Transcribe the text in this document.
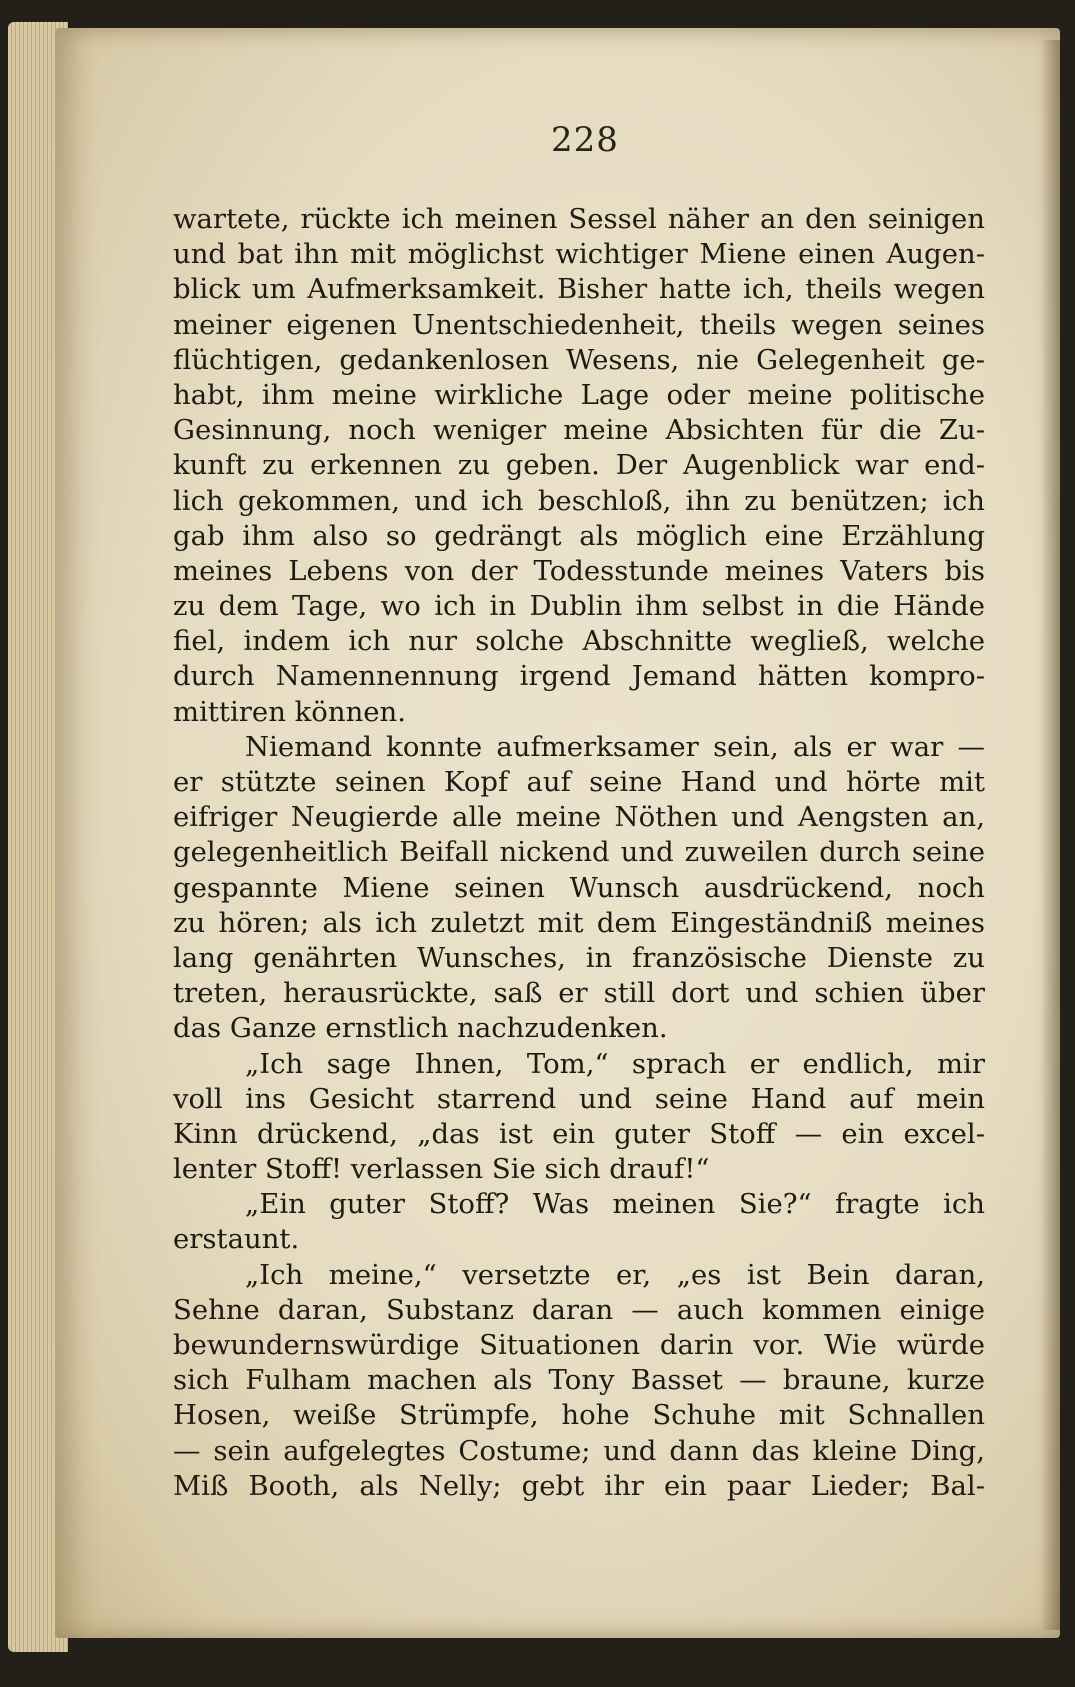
228

wartete, rückte ich meinen Sessel näher an den seinigen

und bat ihn mit möglichst wichtiger Miene einen Augen-

blick um Aufmerksamkeit. Bisher hatte ich, theils wegen

meiner eigenen Unentschiedenheit, theils wegen seines

flüchtigen, gedankenlosen Wesens, nie Gelegenheit ge-

habt, ihm meine wirkliche Lage oder meine politische

Gesinnung, noch weniger meine Absichten für die Zu-

kunft zu erkennen zu geben. Der Augenblick war end-

lich gekommen, und ich beschloß, ihn zu benützen; ich

gab ihm also so gedrängt als möglich eine Erzählung

meines Lebens von der Todesstunde meines Vaters bis

zu dem Tage, wo ich in Dublin ihm selbst in die Hände

fiel, indem ich nur solche Abschnitte wegließ, welche

durch Namennennung irgend Jemand hätten kompro-

mittiren können.

Niemand konnte aufmerksamer sein, als er war —

er stützte seinen Kopf auf seine Hand und hörte mit

eifriger Neugierde alle meine Nöthen und Aengsten an,

gelegenheitlich Beifall nickend und zuweilen durch seine

gespannte Miene seinen Wunsch ausdrückend, noch

zu hören; als ich zuletzt mit dem Eingeständniß meines

lang genährten Wunsches, in französische Dienste zu

treten, herausrückte, saß er still dort und schien über

das Ganze ernstlich nachzudenken.

„Ich sage Ihnen, Tom,“ sprach er endlich, mir

voll ins Gesicht starrend und seine Hand auf mein

Kinn drückend, „das ist ein guter Stoff — ein excel-

lenter Stoff! verlassen Sie sich drauf!“

„Ein guter Stoff? Was meinen Sie?“ fragte ich

erstaunt.

„Ich meine,“ versetzte er, „es ist Bein daran,

Sehne daran, Substanz daran — auch kommen einige

bewundernswürdige Situationen darin vor. Wie würde

sich Fulham machen als Tony Basset — braune, kurze

Hosen, weiße Strümpfe, hohe Schuhe mit Schnallen

— sein aufgelegtes Costume; und dann das kleine Ding,

Miß Booth, als Nelly; gebt ihr ein paar Lieder; Bal-
